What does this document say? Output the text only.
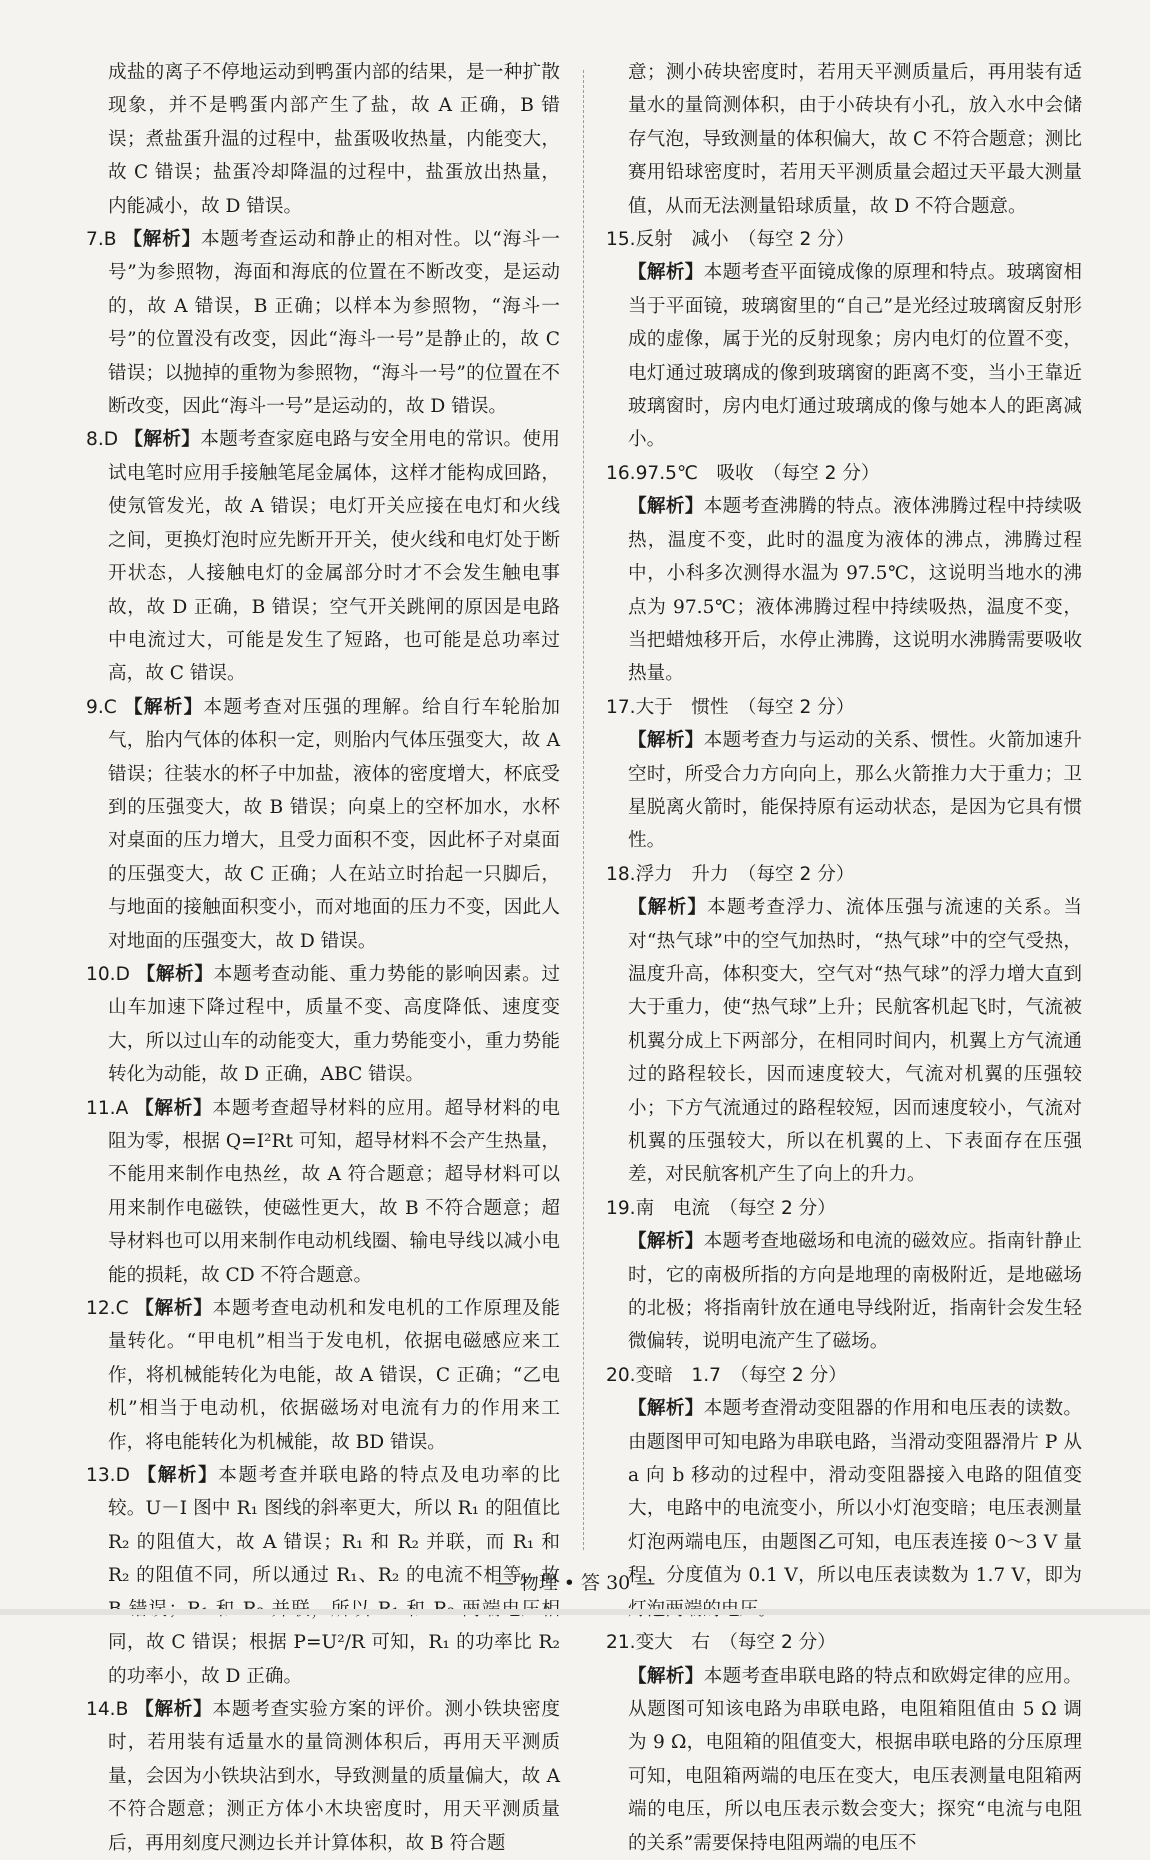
成盐的离子不停地运动到鸭蛋内部的结果，是一种扩散现象，并不是鸭蛋内部产生了盐，故 A 正确，B 错误；煮盐蛋升温的过程中，盐蛋吸收热量，内能变大，故 C 错误；盐蛋冷却降温的过程中，盐蛋放出热量，内能减小，故 D 错误。

7.B 【解析】本题考查运动和静止的相对性。以“海斗一号”为参照物，海面和海底的位置在不断改变，是运动的，故 A 错误，B 正确；以样本为参照物，“海斗一号”的位置没有改变，因此“海斗一号”是静止的，故 C 错误；以抛掉的重物为参照物，“海斗一号”的位置在不断改变，因此“海斗一号”是运动的，故 D 错误。

8.D 【解析】本题考查家庭电路与安全用电的常识。使用试电笔时应用手接触笔尾金属体，这样才能构成回路，使氖管发光，故 A 错误；电灯开关应接在电灯和火线之间，更换灯泡时应先断开开关，使火线和电灯处于断开状态，人接触电灯的金属部分时才不会发生触电事故，故 D 正确，B 错误；空气开关跳闸的原因是电路中电流过大，可能是发生了短路，也可能是总功率过高，故 C 错误。

9.C 【解析】本题考查对压强的理解。给自行车轮胎加气，胎内气体的体积一定，则胎内气体压强变大，故 A 错误；往装水的杯子中加盐，液体的密度增大，杯底受到的压强变大，故 B 错误；向桌上的空杯加水，水杯对桌面的压力增大，且受力面积不变，因此杯子对桌面的压强变大，故 C 正确；人在站立时抬起一只脚后，与地面的接触面积变小，而对地面的压力不变，因此人对地面的压强变大，故 D 错误。

10.D 【解析】本题考查动能、重力势能的影响因素。过山车加速下降过程中，质量不变、高度降低、速度变大，所以过山车的动能变大，重力势能变小，重力势能转化为动能，故 D 正确，ABC 错误。

11.A 【解析】本题考查超导材料的应用。超导材料的电阻为零，根据 Q=I²Rt 可知，超导材料不会产生热量，不能用来制作电热丝，故 A 符合题意；超导材料可以用来制作电磁铁，使磁性更大，故 B 不符合题意；超导材料也可以用来制作电动机线圈、输电导线以减小电能的损耗，故 CD 不符合题意。

12.C 【解析】本题考查电动机和发电机的工作原理及能量转化。“甲电机”相当于发电机，依据电磁感应来工作，将机械能转化为电能，故 A 错误，C 正确；“乙电机”相当于电动机，依据磁场对电流有力的作用来工作，将电能转化为机械能，故 BD 错误。

13.D 【解析】本题考查并联电路的特点及电功率的比较。U－I 图中 R₁ 图线的斜率更大，所以 R₁ 的阻值比 R₂ 的阻值大，故 A 错误；R₁ 和 R₂ 并联，而 R₁ 和 R₂ 的阻值不同，所以通过 R₁、R₂ 的电流不相等，故 同，故 C 错误；根据 P=U²/R 可知，R₁ 的功率比 R₂ 的功率小，故 D 正确。

14.B 【解析】本题考查实验方案的评价。测小铁块密度时，若用装有适量水的量筒测体积后，再用天平测质量，会因为小铁块沾到水，导致测量的质量偏大，故 A 不符合题意；测正方体小木块密度时，用天平测质量后，再用刻度尺测边长并计算体积，故 B 符合题

意；测小砖块密度时，若用天平测质量后，再用装有适量水的量筒测体积，由于小砖块有小孔，放入水中会储存气泡，导致测量的体积偏大，故 C 不符合题意；测比赛用铅球密度时，若用天平测质量会超过天平最大测量值，从而无法测量铅球质量，故 D 不符合题意。

15.反射　减小　（每空 2 分）

【解析】本题考查平面镜成像的原理和特点。玻璃窗相当于平面镜，玻璃窗里的“自己”是光经过玻璃窗反射形成的虚像，属于光的反射现象；房内电灯的位置不变，电灯通过玻璃成的像到玻璃窗的距离不变，当小王靠近玻璃窗时，房内电灯通过玻璃成的像与她本人的距离减小。

16.97.5℃　吸收　（每空 2 分）

【解析】本题考查沸腾的特点。液体沸腾过程中持续吸热，温度不变，此时的温度为液体的沸点，沸腾过程中，小科多次测得水温为 97.5℃，这说明当地水的沸点为 97.5℃；液体沸腾过程中持续吸热，温度不变，当把蜡烛移开后，水停止沸腾，这说明水沸腾需要吸收热量。

17.大于　惯性　（每空 2 分）

【解析】本题考查力与运动的关系、惯性。火箭加速升空时，所受合力方向向上，那么火箭推力大于重力；卫星脱离火箭时，能保持原有运动状态，是因为它具有惯性。

18.浮力　升力　（每空 2 分）

【解析】本题考查浮力、流体压强与流速的关系。当对“热气球”中的空气加热时，“热气球”中的空气受热，温度升高，体积变大，空气对“热气球”的浮力增大直到大于重力，使“热气球”上升；民航客机起飞时，气流被机翼分成上下两部分，在相同时间内，机翼上方气流通过的路程较长，因而速度较大，气流对机翼的压强较小；下方气流通过的路程较短，因而速度较小，气流对机翼的压强较大，所以在机翼的上、下表面存在压强差，对民航客机产生了向上的升力。

19.南　电流　（每空 2 分）

【解析】本题考查地磁场和电流的磁效应。指南针静止时，它的南极所指的方向是地理的南极附近，是地磁场的北极；将指南针放在通电导线附近，指南针会发生轻微偏转，说明电流产生了磁场。

20.变暗　1.7　（每空 2 分）

【解析】本题考查滑动变阻器的作用和电压表的读数。由题图甲可知电路为串联电路，当滑动变阻器滑片 P 从 a 向 b 移动的过程中，滑动变阻器接入电路的阻值变大，电路中的电流变小，所以小灯泡变暗；电压表测量灯泡两端电压，由题图乙可知，电压表连接 0～3 V 量程，分度值为 0.1 V，所以电压表读数为 1.7 V，即为

21.变大　右　（每空 2 分）

【解析】本题考查串联电路的特点和欧姆定律的应用。从题图可知该电路为串联电路，电阻箱阻值由 5 Ω 调为 9 Ω，电阻箱的阻值变大，根据串联电路的分压原理可知，电阻箱两端的电压在变大，电压表测量电阻箱两端的电压，所以电压表示数会变大；探究“电流与电阻的关系”需要保持电阻两端的电压不

— 物理 • 答 30 —
